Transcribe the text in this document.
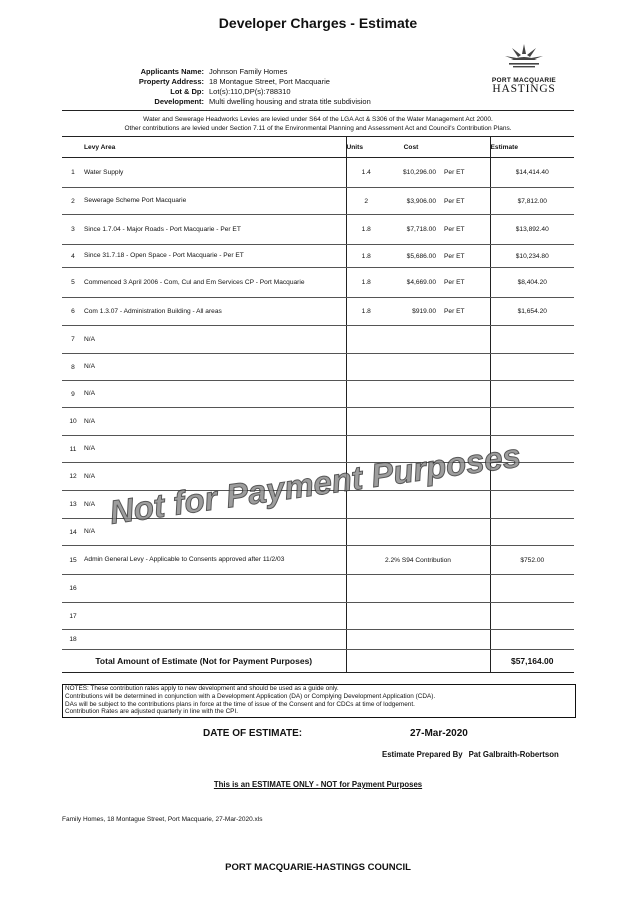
Developer Charges - Estimate
Applicants Name: Johnson Family Homes
Property Address: 18 Montague Street, Port Macquarie
Lot & Dp: Lot(s):110,DP(s):788310
Development: Multi dwelling housing and strata title subdivision
PORT MACQUARIE
HASTINGS
Water and Sewerage Headworks Levies are levied under S64 of the LGA Act & S306 of the Water Management Act 2000.
Other contributions are levied under Section 7.11 of the Environmental Planning and Assessment Act and Council's Contribution Plans.
	Levy Area	Units	Cost		Estimate
1	Water Supply	1.4	$10,296.00	Per ET	$14,414.40
2	Sewerage Scheme Port Macquarie	2	$3,906.00	Per ET	$7,812.00
3	Since 1.7.04 - Major Roads - Port Macquarie - Per ET	1.8	$7,718.00	Per ET	$13,892.40
4	Since 31.7.18 - Open Space - Port Macquarie - Per ET	1.8	$5,686.00	Per ET	$10,234.80
5	Commenced 3 April 2006 - Com, Cul and Em Services CP - Port Macquarie	1.8	$4,669.00	Per ET	$8,404.20
6	Com 1.3.07 - Administration Building - All areas	1.8	$919.00	Per ET	$1,654.20
7	N/A				
8	N/A				
9	N/A				
10	N/A				
11	N/A				
12	N/A				
13	N/A				
14	N/A				
15	Admin General Levy - Applicable to Consents approved after 11/2/03	2.2% S94 Contribution			$752.00
16					
17					
18					
Total Amount of Estimate (Not for Payment Purposes)					$57,164.00
NOTES: These contribution rates apply to new development and should be used as a guide only.
Contributions will be determined in conjunction with a Development Application (DA) or Complying Development Application (CDA).
DAs will be subject to the contributions plans in force at the time of issue of the Consent and for CDCs at time of lodgement.
Contribution Rates are adjusted quarterly in line with the CPI.
DATE OF ESTIMATE:	27-Mar-2020
Estimate Prepared By Pat Galbraith-Robertson
This is an ESTIMATE ONLY - NOT for Payment Purposes
Family Homes, 18 Montague Street, Port Macquarie, 27-Mar-2020.xls
PORT MACQUARIE-HASTINGS COUNCIL
Not for Payment Purposes
